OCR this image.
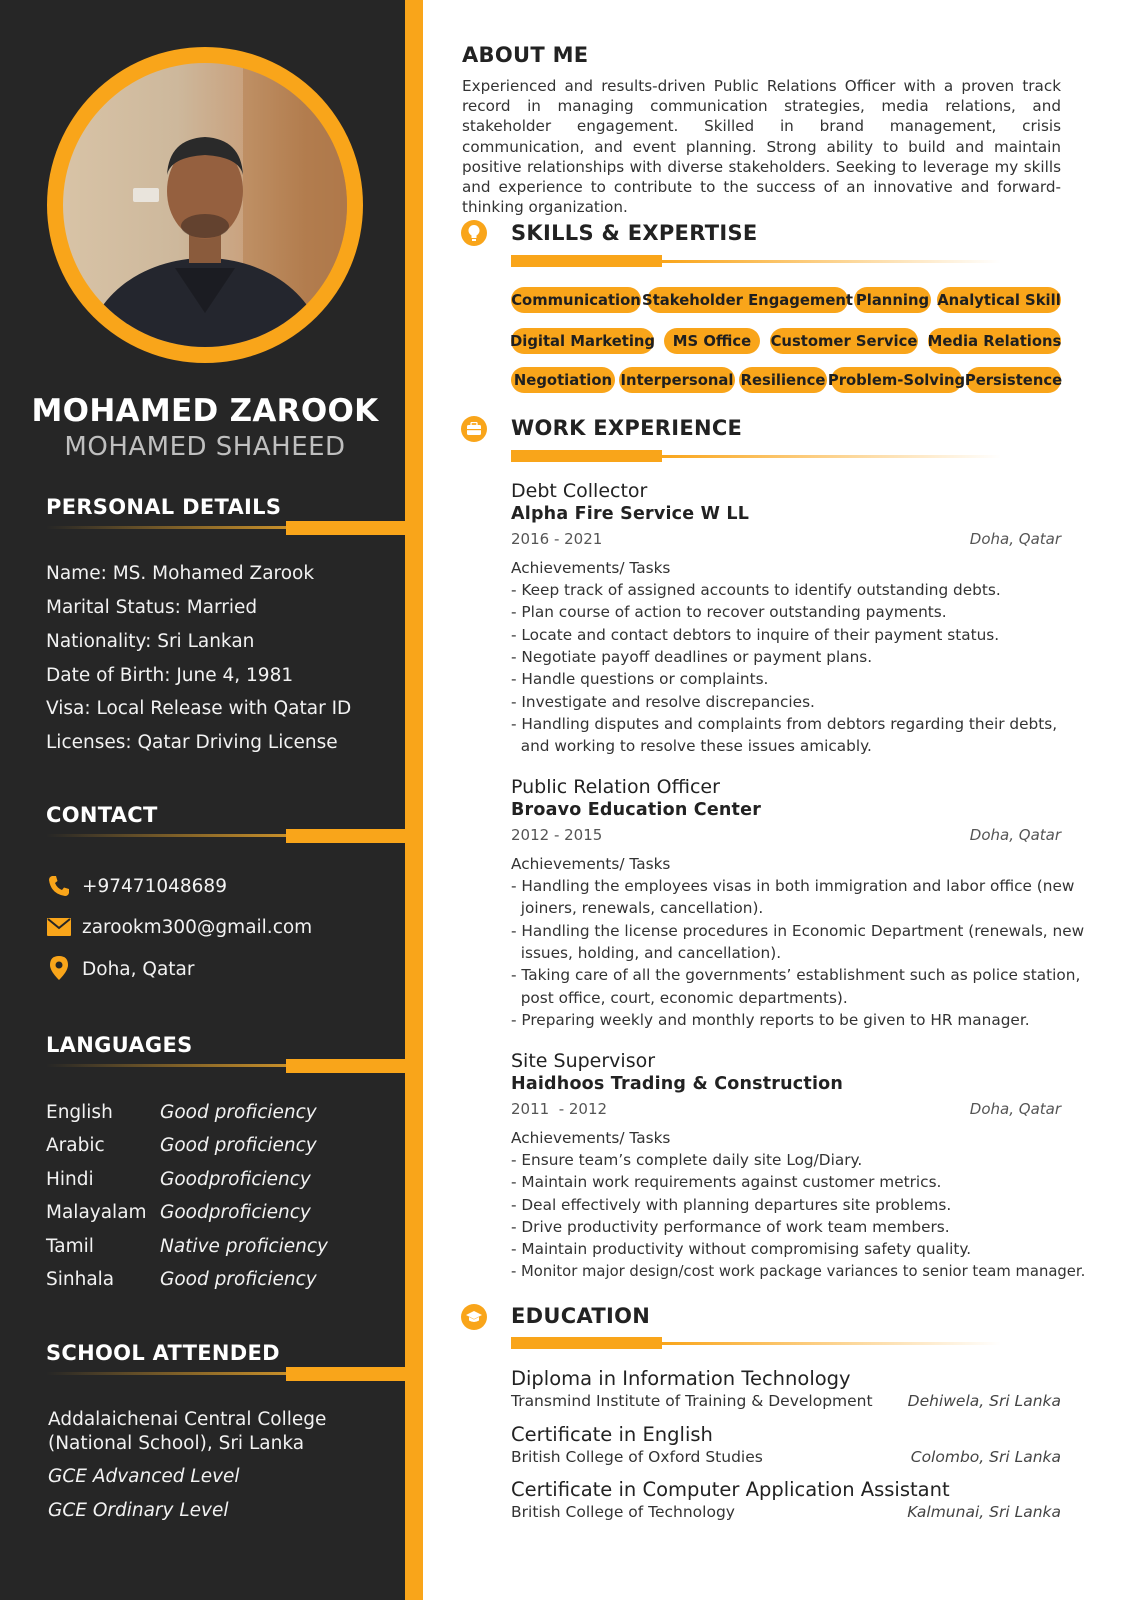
MOHAMED ZAROOK
MOHAMED SHAHEED
PERSONAL DETAILS
Name: MS. Mohamed Zarook
Marital Status: Married
Nationality: Sri Lankan
Date of Birth: June 4, 1981
Visa: Local Release with Qatar ID
Licenses: Qatar Driving License
CONTACT
+97471048689
zarookm300@gmail.com
Doha, Qatar
LANGUAGES
English	Good proficiency
Arabic	Good proficiency
Hindi	Goodproficiency
Malayalam Goodproficiency
Tamil	Native proficiency
Sinhala Good proficiency
SCHOOL ATTENDED
Addalaichenai Central College
(National School), Sri Lanka
GCE Advanced Level
GCE Ordinary Level
ABOUT ME
Experienced and results-driven Public Relations Officer with a proven track record in managing communication strategies, media relations, and stakeholder engagement. Skilled in brand management, crisis communication, and event planning. Strong ability to build and maintain positive relationships with diverse stakeholders. Seeking to leverage my skills and experience to contribute to the success of an innovative and forward-thinking organization.
SKILLS & EXPERTISE
Communication Stakeholder Engagement Planning Analytical Skill
Digital Marketing	MS Office	Customer Service Media Relations
Negotiation Interpersonal Resilience Problem-Solving Persistence
WORK EXPERIENCE
Debt Collector
Alpha Fire Service W LL
2016 - 2021	Doha, Qatar
Achievements/ Tasks
- Keep track of assigned accounts to identify outstanding debts.
- Plan course of action to recover outstanding payments.
- Locate and contact debtors to inquire of their payment status.
- Negotiate payoff deadlines or payment plans.
- Handle questions or complaints.
- Investigate and resolve discrepancies.
- Handling disputes and complaints from debtors regarding their debts,
and working to resolve these issues amicably.
Public Relation Officer
Broavo Education Center
2012 - 2015	Doha, Qatar
Achievements/ Tasks
- Handling the employees visas in both immigration and labor office (new
joiners, renewals, cancellation).
- Handling the license procedures in Economic Department (renewals, new
issues, holding, and cancellation).
- Taking care of all the governments’ establishment such as police station,
post office, court, economic departments).
- Preparing weekly and monthly reports to be given to HR manager.
Site Supervisor
Haidhoos Trading & Construction
2011  - 2012	Doha, Qatar
Achievements/ Tasks
- Ensure team’s complete daily site Log/Diary.
- Maintain work requirements against customer metrics.
- Deal effectively with planning departures site problems.
- Drive productivity performance of work team members.
- Maintain productivity without compromising safety quality.
- Monitor major design/cost work package variances to senior team manager.
EDUCATION
Diploma in Information Technology
Transmind Institute of Training & Development Dehiwela, Sri Lanka
Certificate in English
British College of Oxford Studies	Colombo, Sri Lanka
Certificate in Computer Application Assistant
British College of Technology	Kalmunai, Sri Lanka
